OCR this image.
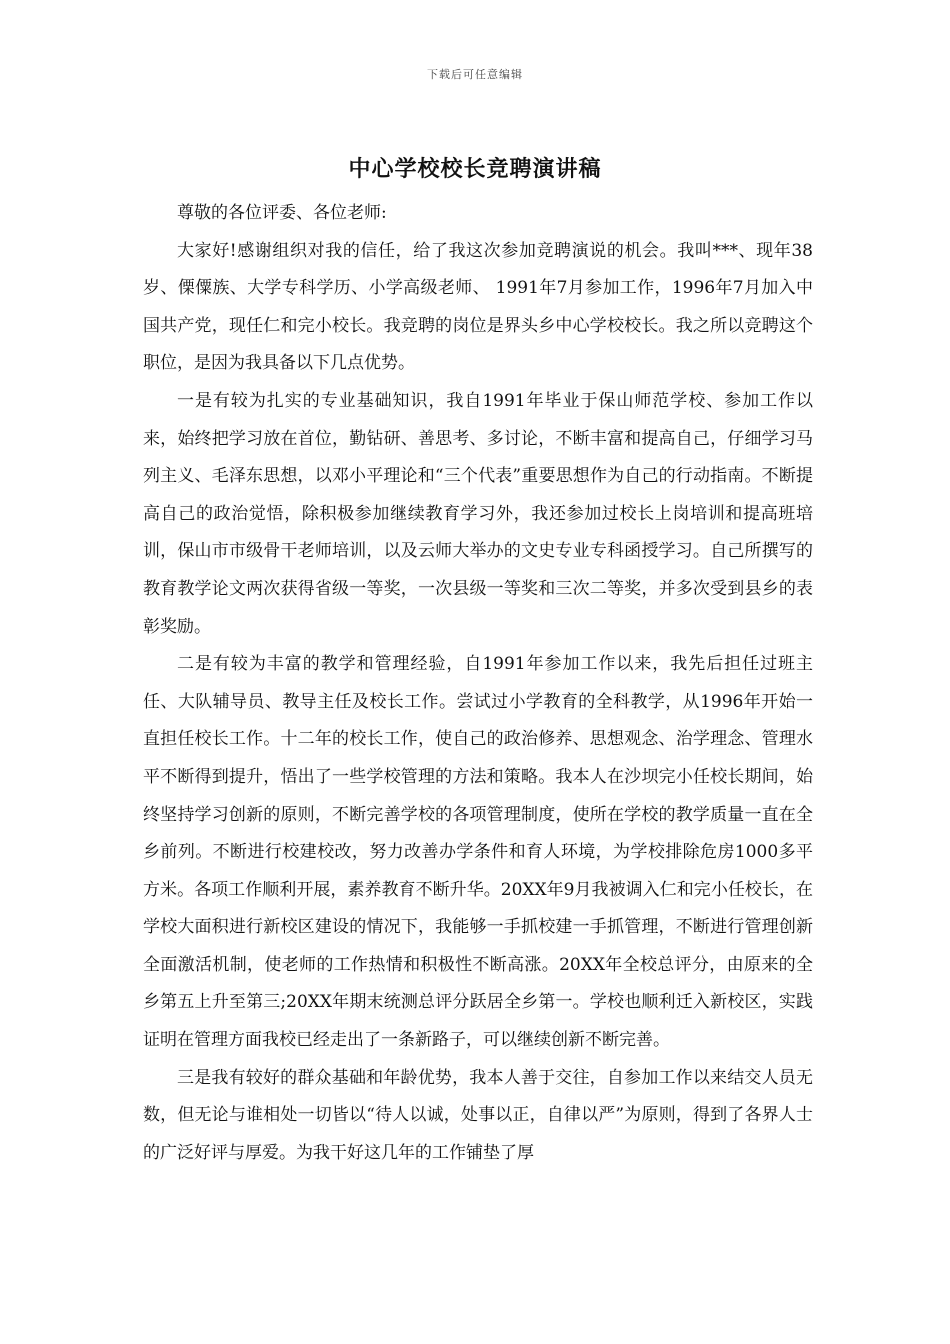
下载后可任意编辑
中心学校校长竞聘演讲稿

尊敬的各位评委、各位老师:

大家好!感谢组织对我的信任，给了我这次参加竞聘演说的机会。我叫***、现年38岁、傈僳族、大学专科学历、小学高级老师、 1991年7月参加工作，1996年7月加入中国共产党，现任仁和完小校长。我竞聘的岗位是界头乡中心学校校长。我之所以竞聘这个职位，是因为我具备以下几点优势。

一是有较为扎实的专业基础知识，我自1991年毕业于保山师范学校、参加工作以来，始终把学习放在首位，勤钻研、善思考、多讨论，不断丰富和提高自己，仔细学习马列主义、毛泽东思想，以邓小平理论和“三个代表”重要思想作为自己的行动指南。不断提高自己的政治觉悟，除积极参加继续教育学习外，我还参加过校长上岗培训和提高班培训，保山市市级骨干老师培训，以及云师大举办的文史专业专科函授学习。自己所撰写的教育教学论文两次获得省级一等奖，一次县级一等奖和三次二等奖，并多次受到县乡的表彰奖励。

二是有较为丰富的教学和管理经验，自1991年参加工作以来，我先后担任过班主任、大队辅导员、教导主任及校长工作。尝试过小学教育的全科教学，从1996年开始一直担任校长工作。十二年的校长工作，使自己的政治修养、思想观念、治学理念、管理水平不断得到提升，悟出了一些学校管理的方法和策略。我本人在沙坝完小任校长期间，始终坚持学习创新的原则，不断完善学校的各项管理制度，使所在学校的教学质量一直在全乡前列。不断进行校建校改，努力改善办学条件和育人环境，为学校排除危房1000多平方米。各项工作顺利开展，素养教育不断升华。20XX年9月我被调入仁和完小任校长，在学校大面积进行新校区建设的情况下，我能够一手抓校建一手抓管理，不断进行管理创新全面激活机制，使老师的工作热情和积极性不断高涨。20XX年全校总评分，由原来的全乡第五上升至第三;20XX年期末统测总评分跃居全乡第一。学校也顺利迁入新校区，实践证明在管理方面我校已经走出了一条新路子，可以继续创新不断完善。

三是我有较好的群众基础和年龄优势，我本人善于交往，自参加工作以来结交人员无数，但无论与谁相处一切皆以“待人以诚，处事以正，自律以严”为原则，得到了各界人士的广泛好评与厚爱。为我干好这几年的工作铺垫了厚
